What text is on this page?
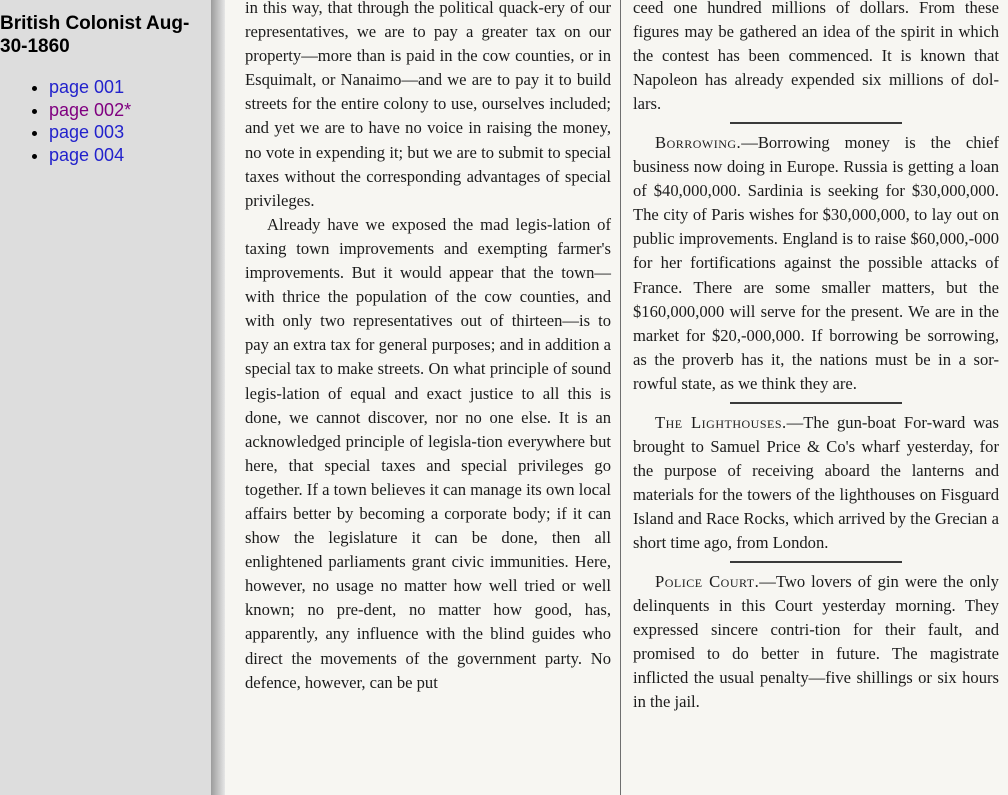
British Colonist Aug-30-1860
• page 001
• page 002*
• page 003
• page 004

in this way, that through the political quack-ery of our representatives, we are to pay a greater tax on our property—more than is paid in the cow counties, or in Esquimalt, or Nanaimo—and we are to pay it to build streets for the entire colony to use, ourselves included; and yet we are to have no voice in raising the money, no vote in expending it; but we are to submit to special taxes without the corresponding advantages of special privileges.

Already have we exposed the mad legis-lation of taxing town improvements and exempting farmer's improvements. But it would appear that the town—with thrice the population of the cow counties, and with only two representatives out of thirteen—is to pay an extra tax for general purposes; and in addition a special tax to make streets. On what principle of sound legis-lation of equal and exact justice to all this is done, we cannot discover, nor no one else. It is an acknowledged principle of legisla-tion everywhere but here, that special taxes and special privileges go together. If a town believes it can manage its own local affairs better by becoming a corporate body; if it can show the legislature it can be done, then all enlightened parliaments grant civic immunities. Here, however, no usage no matter how well tried or well known; no pre-dent, no matter how good, has, apparently, any influence with the blind guides who direct the movements of the government party. No defence, however, can be put

ceed one hundred millions of dollars. From these figures may be gathered an idea of the spirit in which the contest has been commenced. It is known that Napoleon has already expended six millions of dol-lars.

Borrowing.—Borrowing money is the chief business now doing in Europe. Russia is getting a loan of $40,000,000. Sardinia is seeking for $30,000,000. The city of Paris wishes for $30,000,000, to lay out on public improvements. England is to raise $60,000,-000 for her fortifications against the possible attacks of France. There are some smaller matters, but the $160,000,000 will serve for the present. We are in the market for $20,-000,000. If borrowing be sorrowing, as the proverb has it, the nations must be in a sor-rowful state, as we think they are.

The Lighthouses.—The gun-boat For-ward was brought to Samuel Price & Co's wharf yesterday, for the purpose of receiving aboard the lanterns and materials for the towers of the lighthouses on Fisguard Island and Race Rocks, which arrived by the Grecian a short time ago, from London.

Police Court.—Two lovers of gin were the only delinquents in this Court yesterday morning. They expressed sincere contri-tion for their fault, and promised to do better in future. The magistrate inflicted the usual penalty—five shillings or six hours in the jail.
